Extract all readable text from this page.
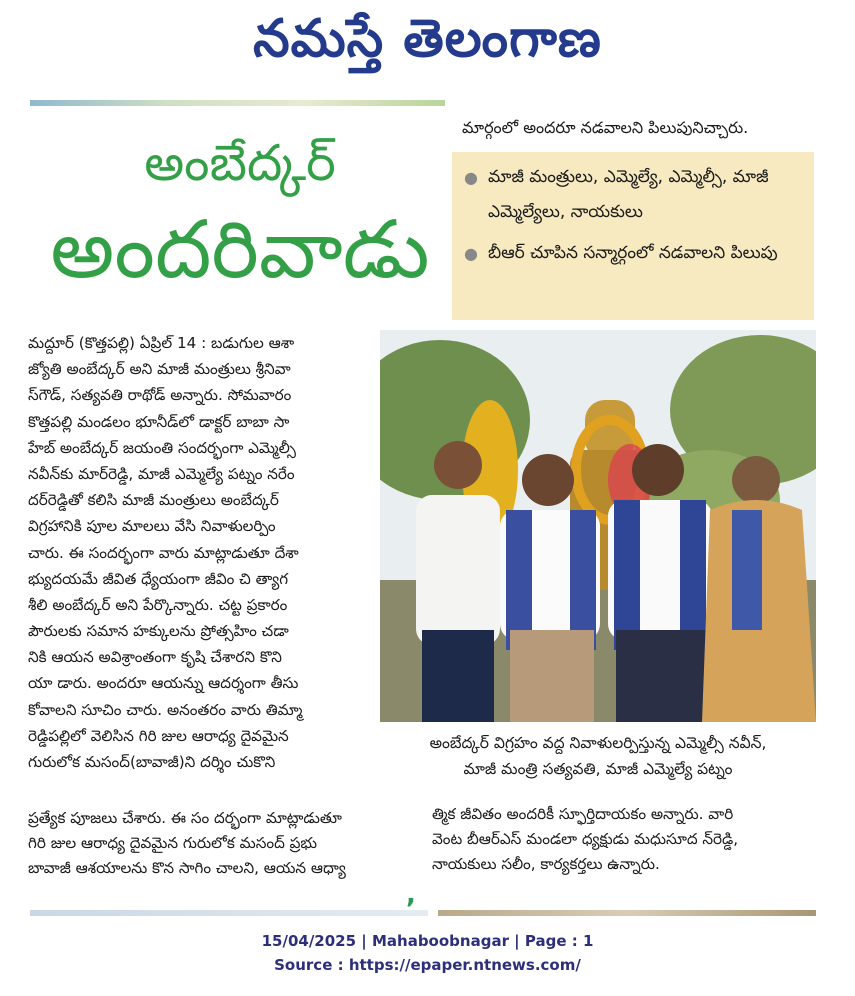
నమస్తే తెలంగాణ
మార్గంలో అందరూ నడవాలని పిలుపునిచ్చారు.
అంబేద్కర్
అందరివాడు
● మాజీ మంత్రులు, ఎమ్మెల్యే, ఎమ్మెల్సీ, మాజీ ఎమ్మెల్యేలు, నాయకులు
● బీఆర్ చూపిన సన్మార్గంలో నడవాలని పిలుపు
మద్దూర్ (కొత్తపల్లి) ఏప్రిల్ 14 : బడుగుల ఆశా
జ్యోతి అంబేద్కర్ అని మాజీ మంత్రులు శ్రీనివా
స్‌గౌడ్, సత్యవతి రాథోడ్ అన్నారు. సోమవారం
కొత్తపల్లి మండలం భూనీడ్‌లో డాక్టర్ బాబా సా
హేబ్ అంబేద్కర్ జయంతి సందర్భంగా ఎమ్మెల్సీ
నవీన్‌కు మార్‌రెడ్డి, మాజీ ఎమ్మెల్యే పట్నం నరేం
దర్‌రెడ్డితో కలిసి మాజీ మంత్రులు అంబేద్కర్
విగ్రహానికి పూల మాలలు వేసి నివాళులర్పిం
చారు. ఈ సందర్భంగా వారు మాట్లాడుతూ దేశా
భ్యుదయమే జీవిత ధ్యేయంగా జీవిం చి త్యాగ
శీలి అంబేద్కర్ అని పేర్కొన్నారు. చట్ట ప్రకారం
పౌరులకు సమాన హక్కులను ప్రోత్సహిం చడా
నికి ఆయన అవిశ్రాంతంగా కృషి చేశారని కొని
యా డారు. అందరూ ఆయన్ను ఆదర్శంగా తీసు
కోవాలని సూచిం చారు. అనంతరం వారు తిమ్మా
రెడ్డిపల్లిలో వెలిసిన గిరి జుల ఆరాధ్య దైవమైన
గురులోక మసంద్(బావాజీ)ని దర్శిం చుకొని
అంబేద్కర్ విగ్రహం వద్ద నివాళులర్పిస్తున్న ఎమ్మెల్సీ నవీన్,
మాజీ మంత్రి సత్యవతి, మాజీ ఎమ్మెల్యే పట్నం
ప్రత్యేక పూజలు చేశారు. ఈ సం దర్భంగా మాట్లాడుతూ
గిరి జుల ఆరాధ్య దైవమైన గురులోక మసంద్ ప్రభు
బావాజీ ఆశయాలను కొన సాగిం చాలని, ఆయన ఆధ్యా
త్మిక జీవితం అందరికీ స్ఫూర్తిదాయకం అన్నారు. వారి
వెంట బీఆర్‌ఎస్ మండలా ధ్యక్షుడు మధుసూద న్‌రెడ్డి,
నాయకులు సలీం, కార్యకర్తలు ఉన్నారు.
,
15/04/2025 | Mahaboobnagar | Page : 1
Source : https://epaper.ntnews.com/
